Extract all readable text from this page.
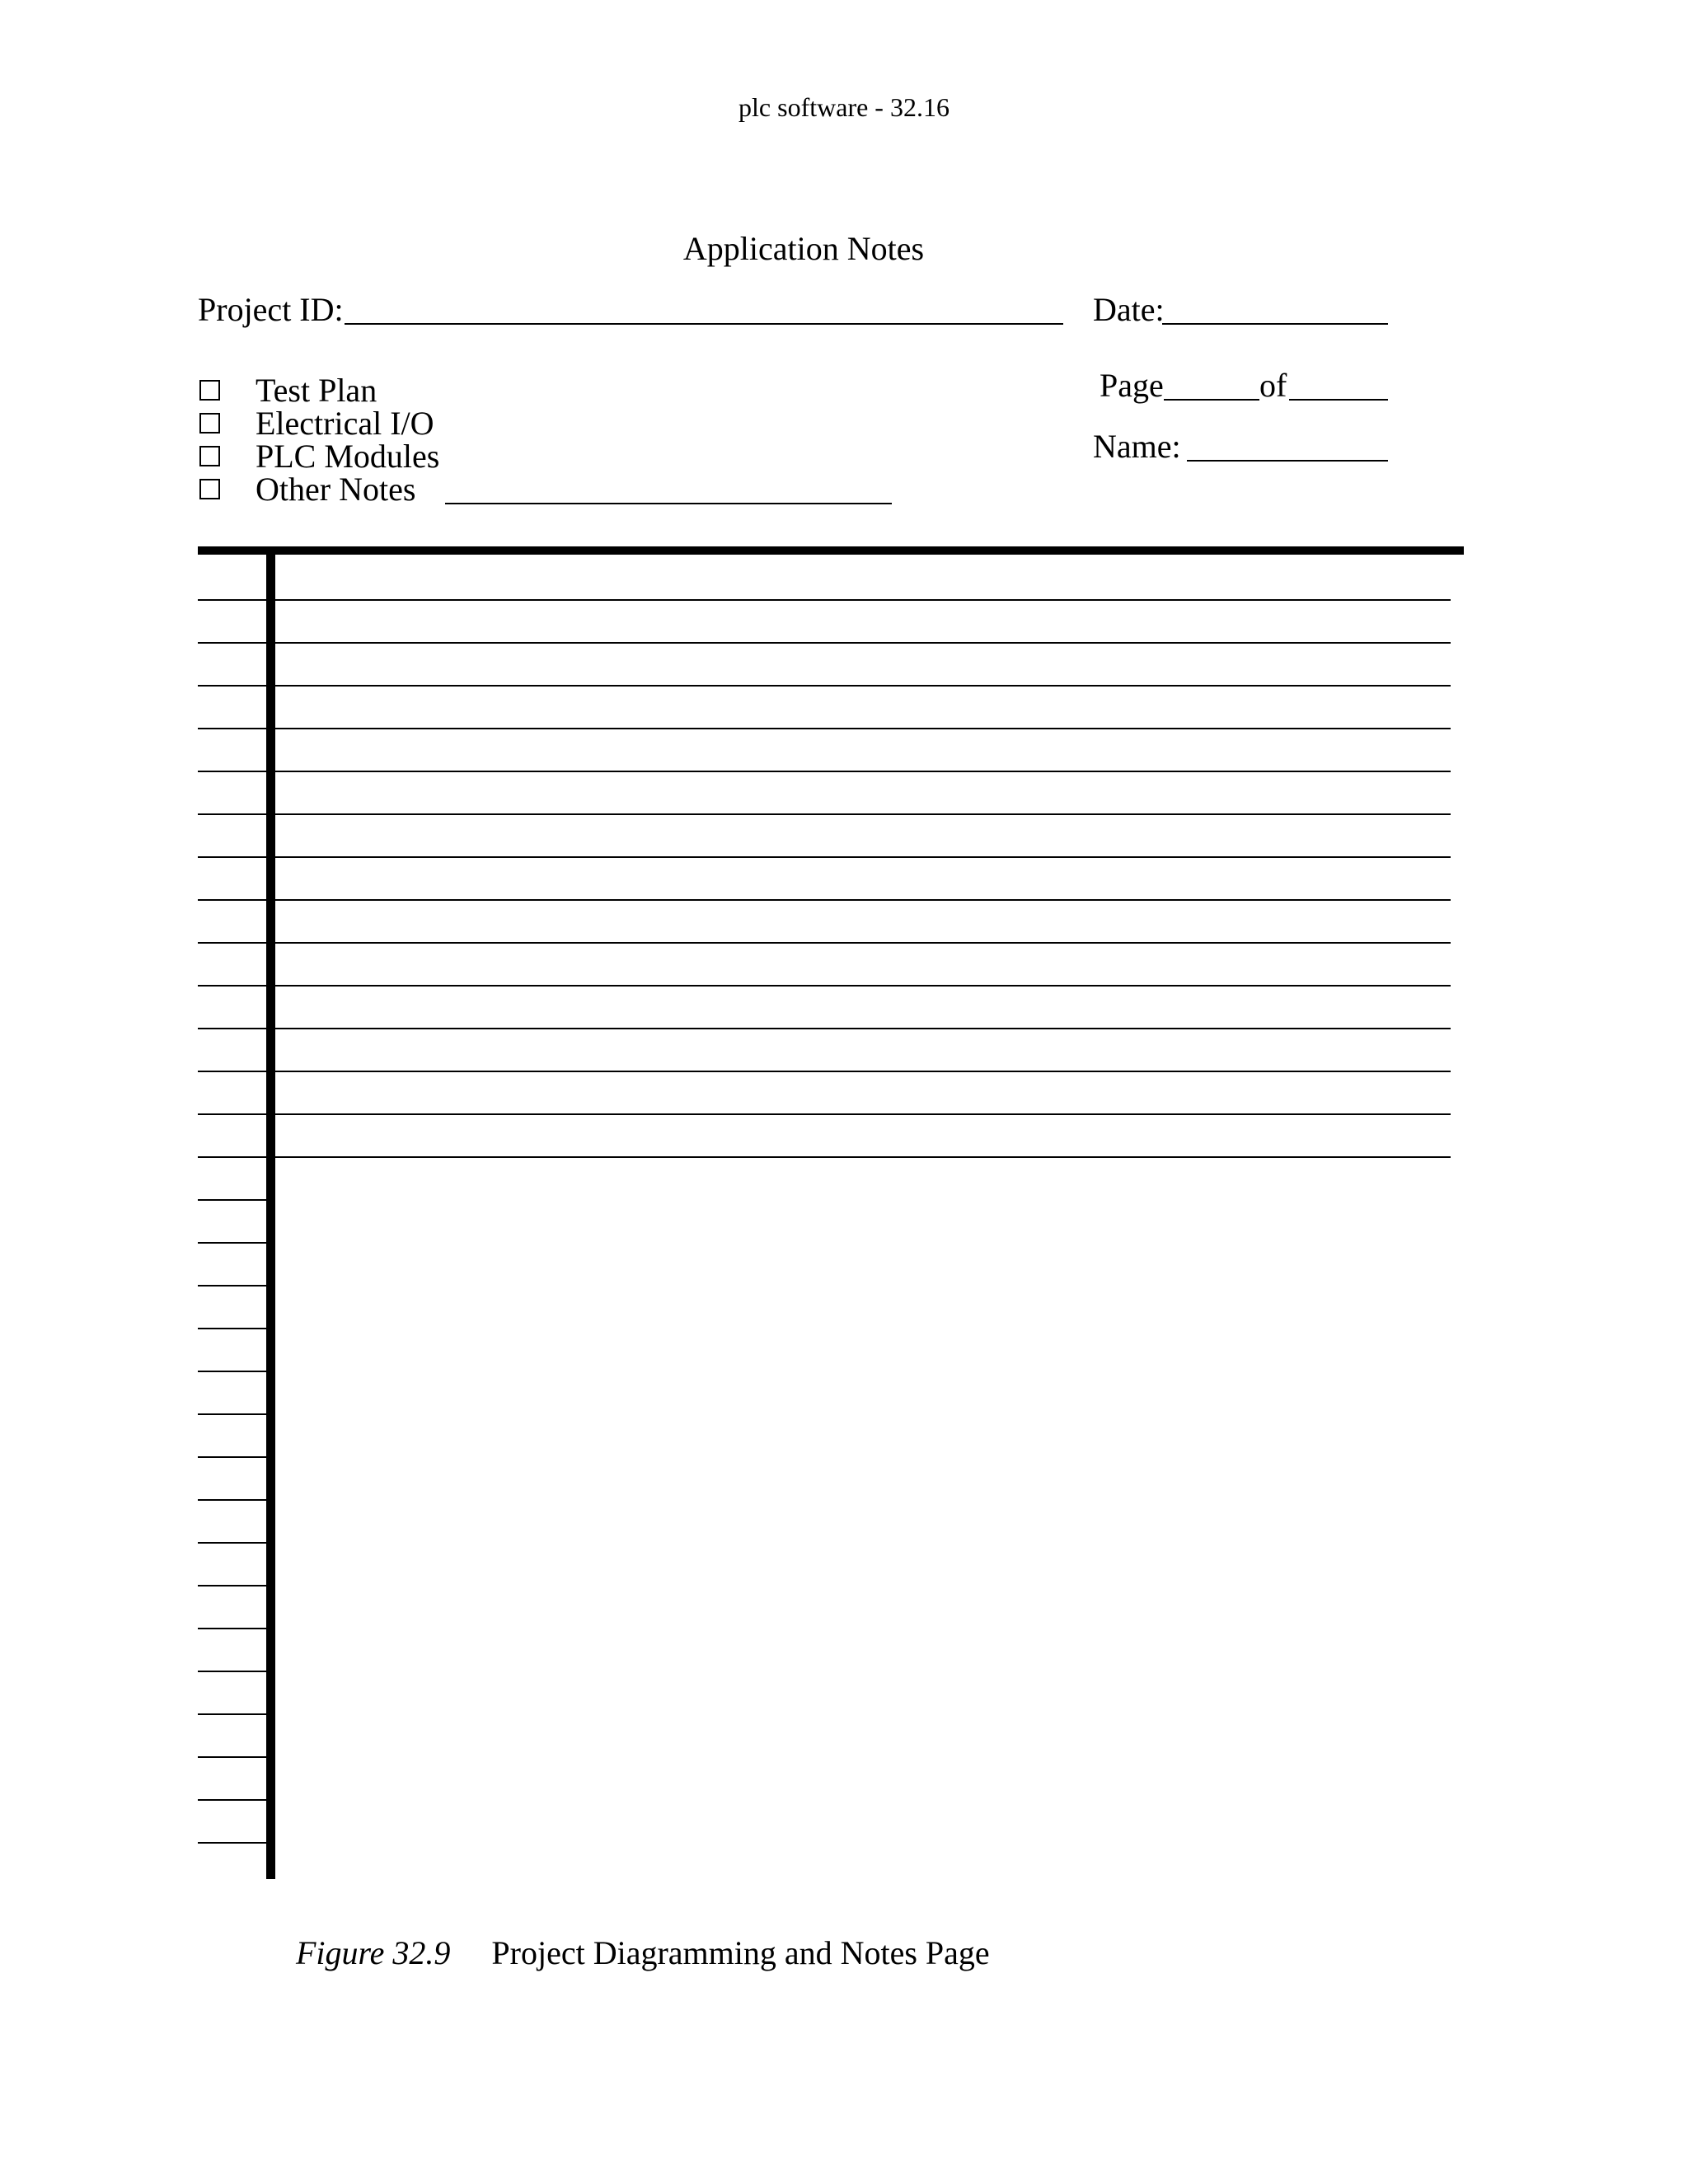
plc software - 32.16
Application Notes
Project ID:	Date:
Page	of
Name:
Test Plan
Electrical I/O
PLC Modules
Other Notes
Figure 32.9 Project Diagramming and Notes Page
